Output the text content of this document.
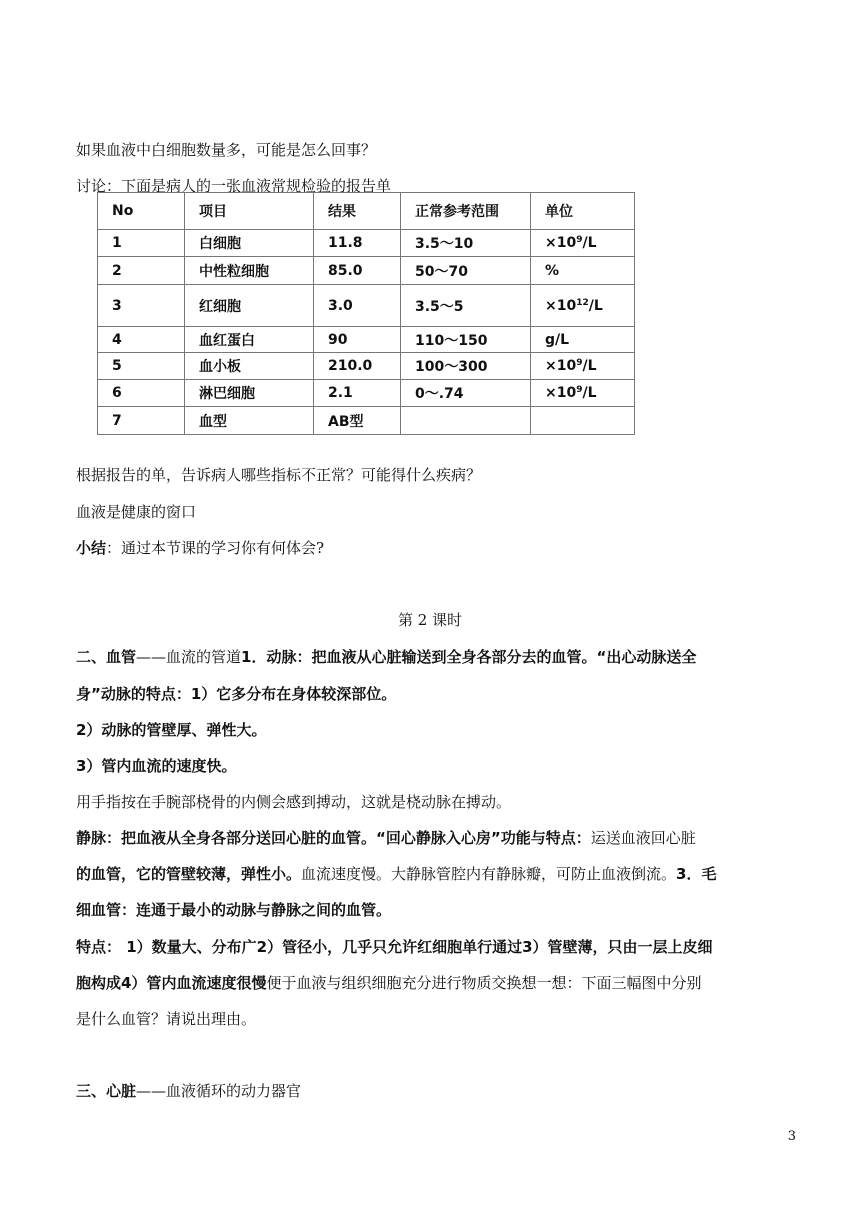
如果血液中白细胞数量多，可能是怎么回事？
讨论：下面是病人的一张血液常规检验的报告单
No	项目	结果	正常参考范围	单位
1	白细胞	11.8	3.5～10	$\times 10^9/L$
2	中性粒细胞	85.0	50～70	%
3	红细胞	3.0	3.5～5	$\times 10^{12}/L$
4	血红蛋白	90	110～150	g/L
5	血小板	210.0	100～300	$\times 10^9/L$
6	淋巴细胞	2.1	0～.74	$\times 10^9/L$
7	血型	AB型		
根据报告的单，告诉病人哪些指标不正常？可能得什么疾病？
血液是健康的窗口
小结：通过本节课的学习你有何体会?
第 2 课时
二、血管 ——血流的管道 1．动脉：把血液从心脏输送到全身各部分去的血管。“出心动脉送全
身”动脉的特点：1）它多分布在身体较深部位。
2）动脉的管壁厚、弹性大。
3）管内血流的速度快。
用手指按在手腕部桡骨的内侧会感到搏动，这就是桡动脉在搏动。
静脉：把血液从全身各部分送回心脏的血管。“回心静脉入心房”功能与特点：运送血液回心脏
的血管，它的管壁较薄，弹性小。血流速度慢。大静脉管腔内有静脉瓣，可防止血液倒流。3．毛
细血管：连通于最小的动脉与静脉之间的血管。
特点： 1）数量大、分布广2）管径小，几乎只允许红细胞单行通过3）管壁薄，只由一层上皮细
胞构成4）管内血流速度很慢便于血液与组织细胞充分进行物质交换想一想：下面三幅图中分别
是什么血管？请说出理由。
三、心脏——血液循环的动力器官
3
